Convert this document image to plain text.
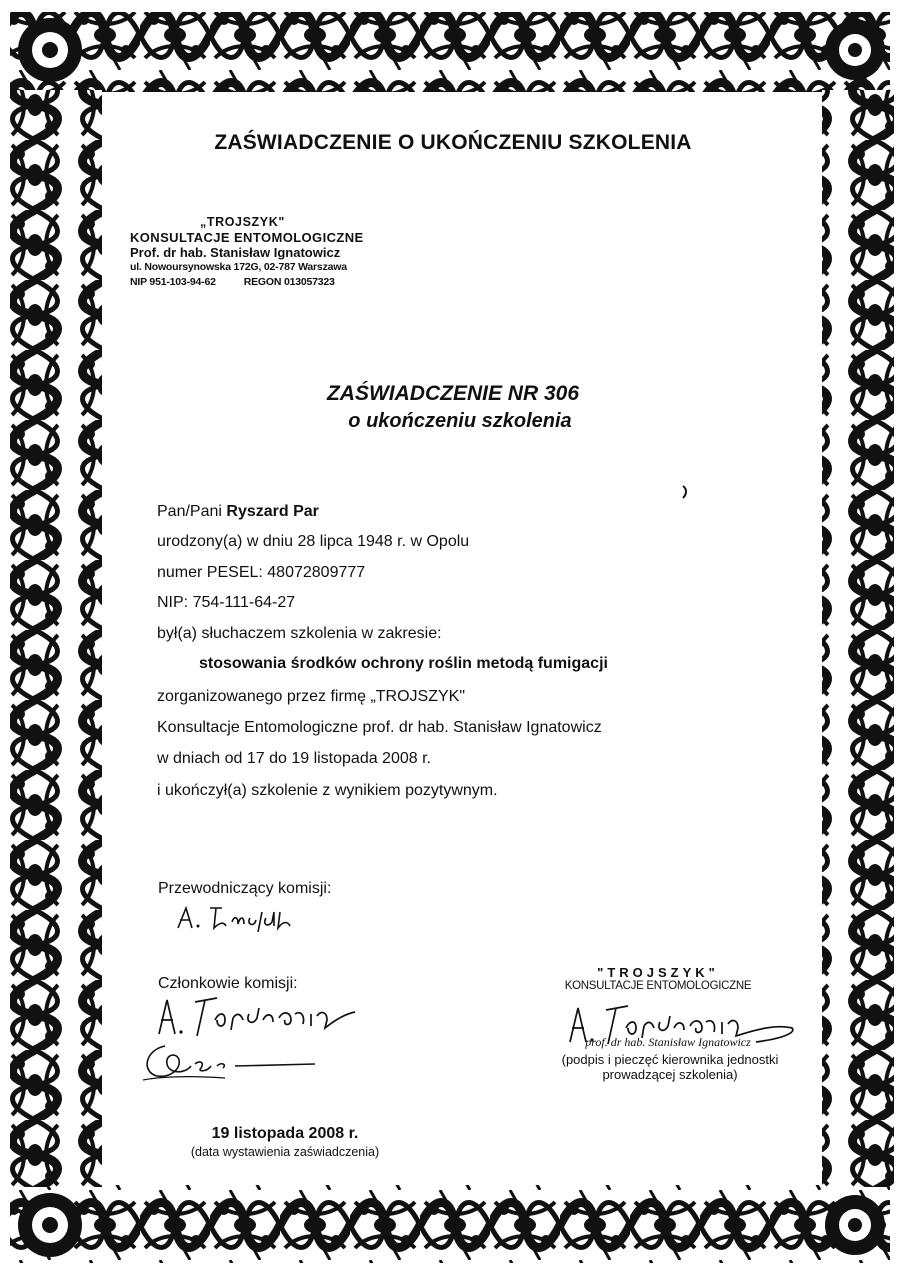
ZAŚWIADCZENIE O UKOŃCZENIU SZKOLENIA
„TROJSZYK"
KONSULTACJE ENTOMOLOGICZNE
Prof. dr hab. Stanisław Ignatowicz
ul. Nowoursynowska 172G, 02-787 Warszawa
NIP 951-103-94-62	REGON 013057323
ZAŚWIADCZENIE NR 306
o ukończeniu szkolenia
Pan/Pani Ryszard Par
urodzony(a) w dniu 28 lipca 1948 r. w Opolu
numer PESEL: 48072809777
NIP: 754-111-64-27
był(a) słuchaczem szkolenia w zakresie:
stosowania środków ochrony roślin metodą fumigacji
zorganizowanego przez firmę „TROJSZYK"
Konsultacje Entomologiczne prof. dr hab. Stanisław Ignatowicz
w dniach od 17 do 19 listopada 2008 r.
i ukończył(a) szkolenie z wynikiem pozytywnym.
Przewodniczący komisji:
Członkowie komisji:
"TROJSZYK"
KONSULTACJE ENTOMOLOGICZNE
prof. dr hab. Stanisław Ignatowicz
(podpis i pieczęć kierownika jednostki
prowadzącej szkolenia)
19 listopada 2008 r.
(data wystawienia zaświadczenia)
